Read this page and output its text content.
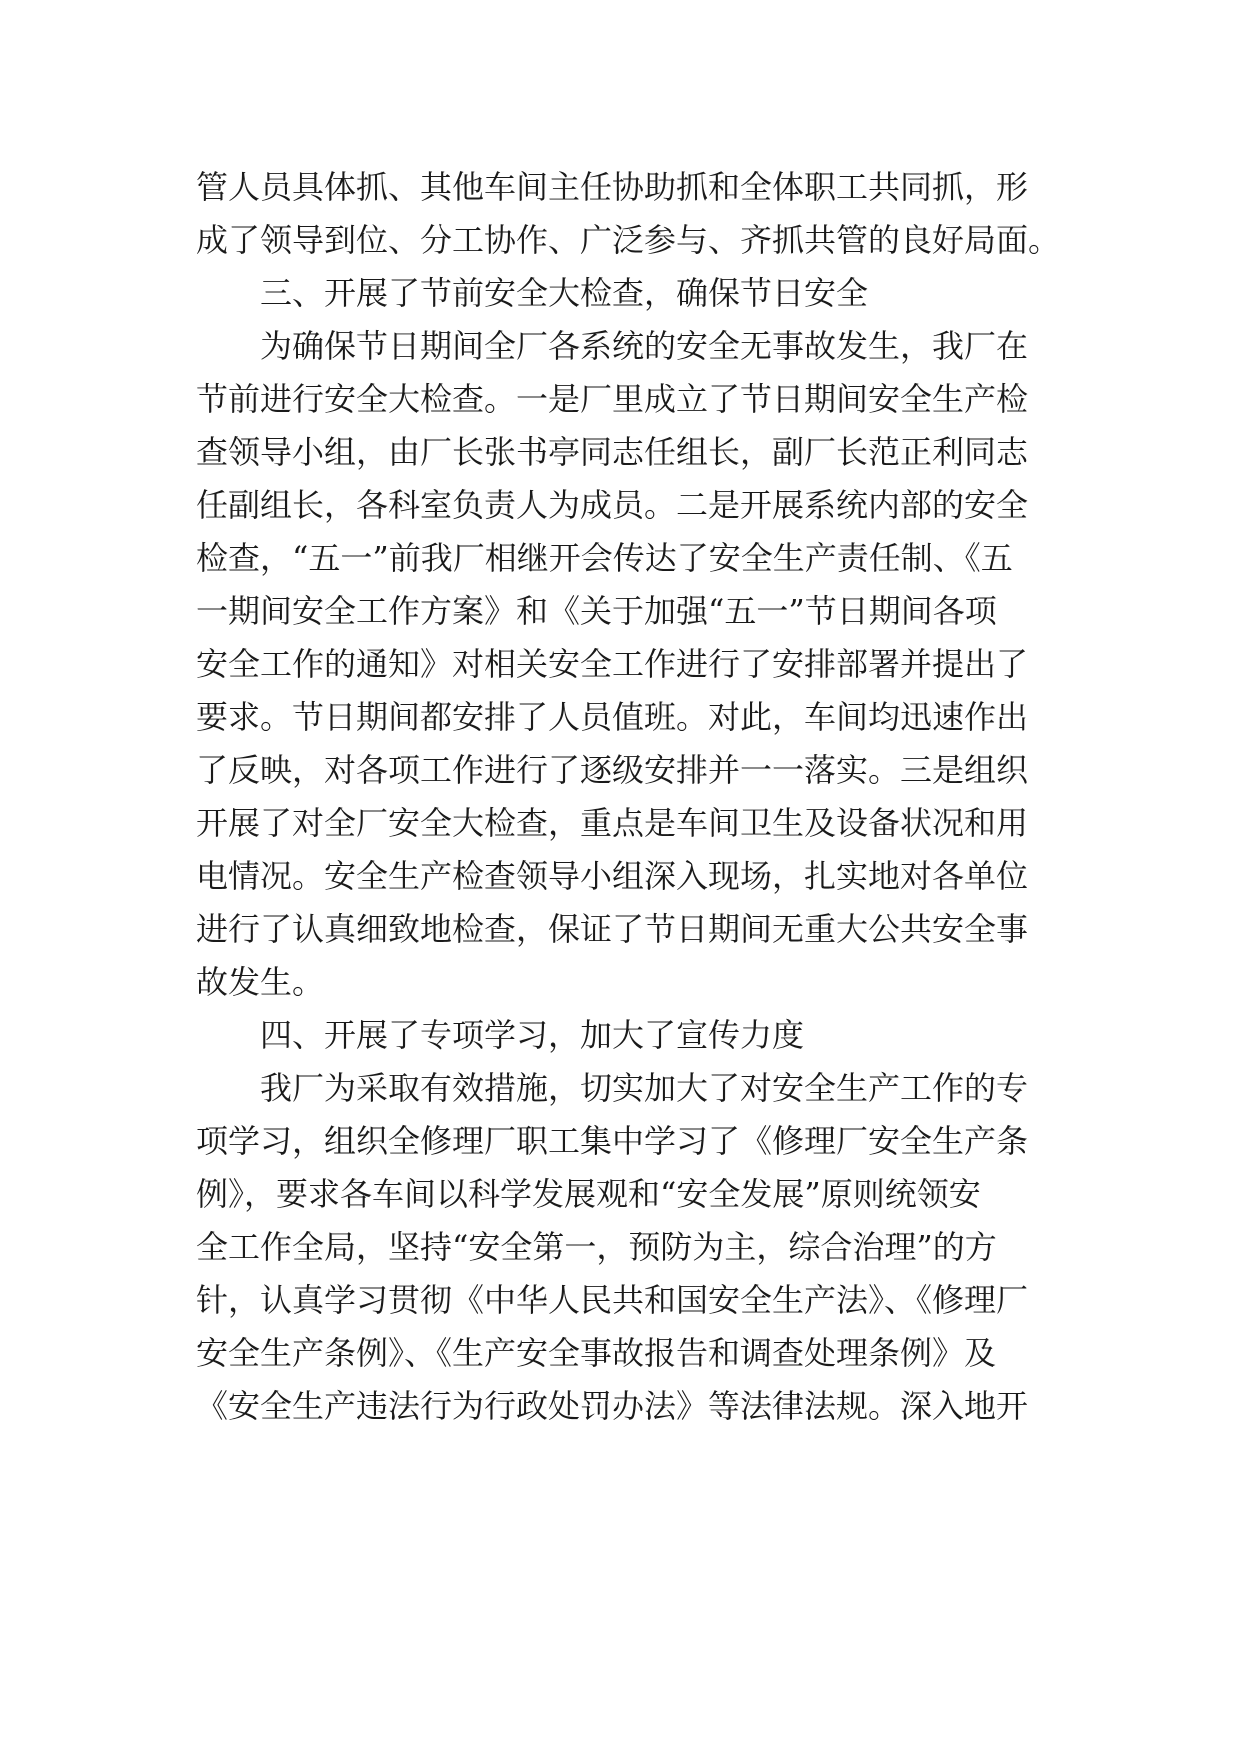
管人员具体抓、其他车间主任协助抓和全体职工共同抓，形
成了领导到位、分工协作、广泛参与、齐抓共管的良好局面。
三、开展了节前安全大检查，确保节日安全
为确保节日期间全厂各系统的安全无事故发生，我厂在
节前进行安全大检查。一是厂里成立了节日期间安全生产检
查领导小组，由厂长张书亭同志任组长，副厂长范正利同志
任副组长，各科室负责人为成员。二是开展系统内部的安全
检查，“五一”前我厂相继开会传达了安全生产责任制、《五
一期间安全工作方案》和《关于加强“五一”节日期间各项
安全工作的通知》对相关安全工作进行了安排部署并提出了
要求。节日期间都安排了人员值班。对此，车间均迅速作出
了反映，对各项工作进行了逐级安排并一一落实。三是组织
开展了对全厂安全大检查，重点是车间卫生及设备状况和用
电情况。安全生产检查领导小组深入现场，扎实地对各单位
进行了认真细致地检查，保证了节日期间无重大公共安全事
故发生。
四、开展了专项学习，加大了宣传力度
我厂为采取有效措施，切实加大了对安全生产工作的专
项学习，组织全修理厂职工集中学习了《修理厂安全生产条
例》，要求各车间以科学发展观和“安全发展”原则统领安
全工作全局，坚持“安全第一，预防为主，综合治理”的方
针，认真学习贯彻《中华人民共和国安全生产法》、《修理厂
安全生产条例》、《生产安全事故报告和调查处理条例》及
《安全生产违法行为行政处罚办法》等法律法规。深入地开
